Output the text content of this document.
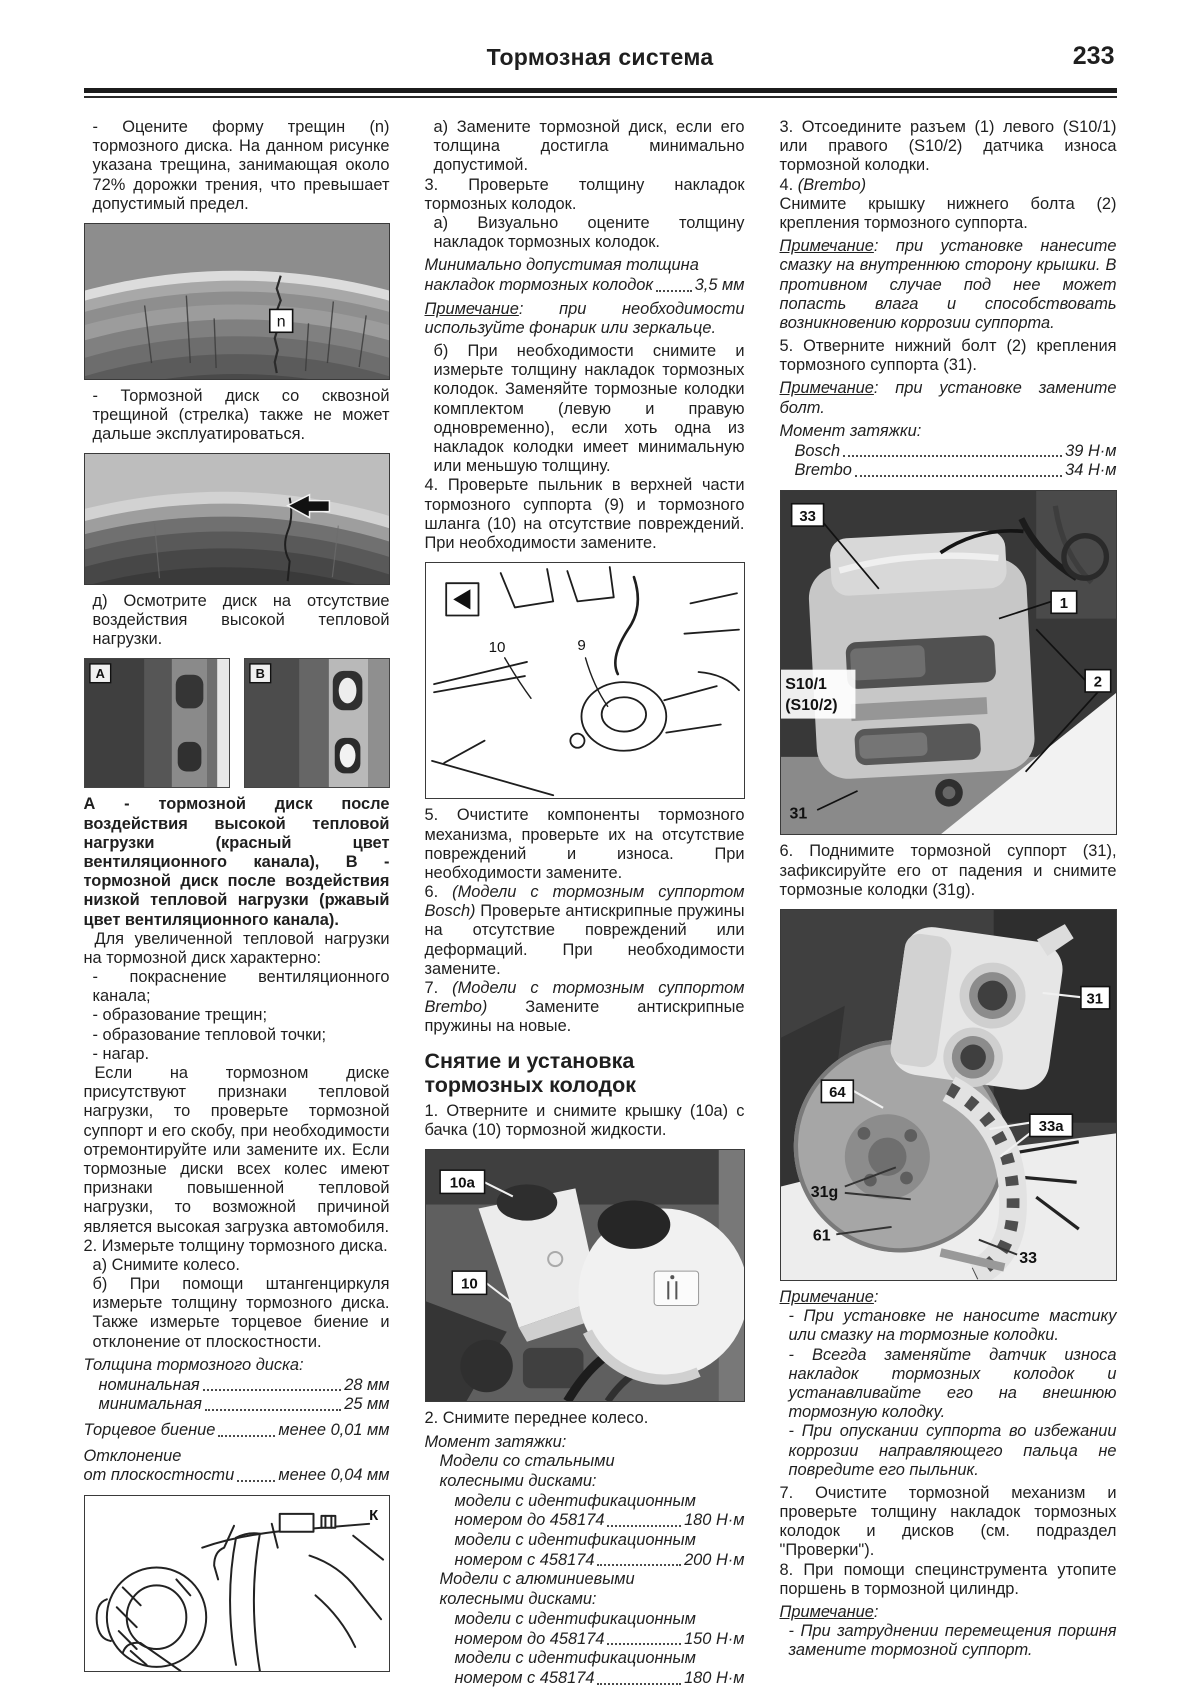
Тормозная система	233

- Оцените форму трещин (n) тормозного диска. На данном рисунке указана трещина, занимающая около 72% дорожки трения, что превышает допустимый предел.

n

- Тормозной диск со сквозной трещиной (стрелка) также не может дальше эксплуатироваться.

д) Осмотрите диск на отсутствие воздействия высокой тепловой нагрузки.

А	В

А - тормозной диск после воздействия высокой тепловой нагрузки (красный цвет вентиляционного канала), В - тормозной диск после воздействия низкой тепловой нагрузки (ржавый цвет вентиляционного канала).

Для увеличенной тепловой нагрузки на тормозной диск характерно:

- покраснение вентиляционного канала;

- образование трещин;

- образование тепловой точки;

- нагар.

Если на тормозном диске присутствуют признаки тепловой нагрузки, то проверьте тормозной суппорт и его скобу, при необходимости отремонтируйте или замените их. Если тормозные диски всех колес имеют признаки повышенной тепловой нагрузки, то возможной причиной является высокая загрузка автомобиля.

2. Измерьте толщину тормозного диска.

а) Снимите колесо.

б) При помощи штангенциркуля измерьте толщину тормозного диска. Также измерьте торцевое биение и отклонение от плоскостности.

Толщина тормозного диска:
номинальная	28 мм
минимальная	25 мм
Торцевое биение	менее 0,01 мм
Отклонение
от плоскостности	менее 0,04 мм
К

а) Замените тормозной диск, если его толщина достигла минимально допустимой.

3. Проверьте толщину накладок тормозных колодок.

а) Визуально оцените толщину накладок тормозных колодок.

Минимально допустимая толщина
накладок тормозных колодок	3,5 мм

Примечание: при необходимости используйте фонарик или зеркальце.

б) При необходимости снимите и измерьте толщину накладок тормозных колодок. Заменяйте тормозные колодки комплектом (левую и правую одновременно), если хоть одна из накладок колодки имеет минимальную или меньшую толщину.

4. Проверьте пыльник в верхней части тормозного суппорта (9) и тормозного шланга (10) на отсутствие повреждений. При необходимости замените.

10	9

5. Очистите компоненты тормозного механизма, проверьте их на отсутствие повреждений и износа. При необходимости замените.

6. (Модели с тормозным суппортом Bosch) Проверьте антискрипные пружины на отсутствие повреждений или деформаций. При необходимости замените.

7. (Модели с тормозным суппортом Brembo) Замените антискрипные пружины на новые.

Снятие и установка тормозных колодок

1. Отверните и снимите крышку (10а) с бачка (10) тормозной жидкости.

10a
10

2. Снимите переднее колесо.

Момент затяжки:
Модели со стальными
колесными дисками:
модели с идентификационным
номером до 458174	180 Н·м
модели с идентификационным
номером с 458174	200 Н·м
Модели с алюминиевыми
колесными дисками:
модели с идентификационным
номером до 458174	150 Н·м
модели с идентификационным
номером с 458174	180 Н·м

3. Отсоедините разъем (1) левого (S10/1) или правого (S10/2) датчика износа тормозной колодки.

4. (Brembo)

Снимите крышку нижнего болта (2) крепления тормозного суппорта.

Примечание: при установке нанесите смазку на внутреннюю сторону крышки. В противном случае под нее может попасть влага и способствовать возникновению коррозии суппорта.

5. Отверните нижний болт (2) крепления тормозного суппорта (31).

Примечание: при установке замените болт.

Момент затяжки:
Bosch	39 Н·м
Brembo	34 Н·м
33
1
S10/1
(S10/2)
2
31

6. Поднимите тормозной суппорт (31), зафиксируйте его от падения и снимите тормозные колодки (31g).

31
64
33a
31g
61
33

Примечание:

- При установке не наносите мастику или смазку на тормозные колодки.

- Всегда заменяйте датчик износа накладок тормозных колодок и устанавливайте его на внешнюю тормозную колодку.

- При опускании суппорта во избежании коррозии направляющего пальца не повредите его пыльник.

7. Очистите тормозной механизм и проверьте толщину накладок тормозных колодок и дисков (см. подраздел "Проверки").

8. При помощи специнструмента утопите поршень в тормозной цилиндр.

Примечание:

- При затруднении перемещения поршня замените тормозной суппорт.
